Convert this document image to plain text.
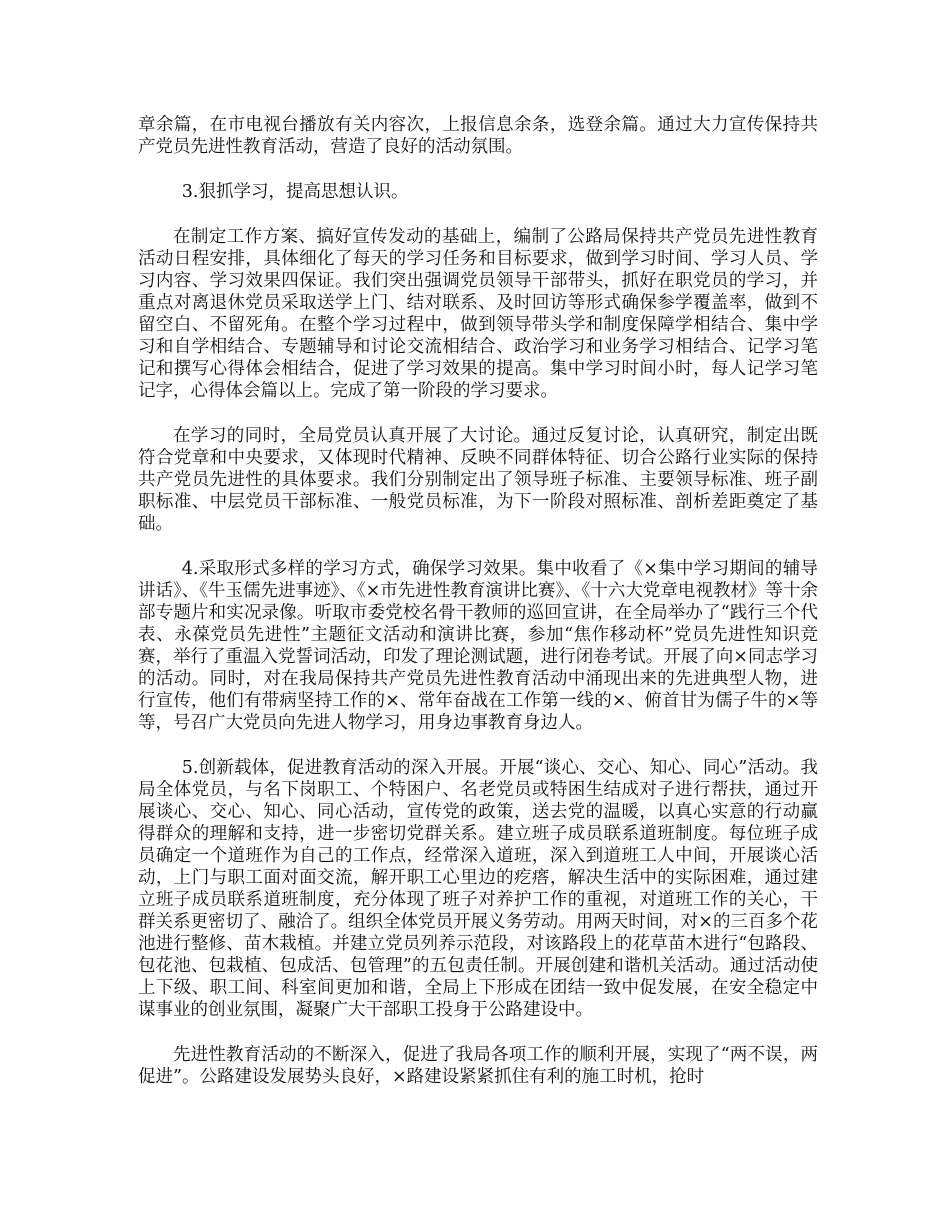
章余篇，在市电视台播放有关内容次，上报信息余条，选登余篇。通过大力宣传保持共产党员先进性教育活动，营造了良好的活动氛围。

3.狠抓学习，提高思想认识。

在制定工作方案、搞好宣传发动的基础上，编制了公路局保持共产党员先进性教育活动日程安排，具体细化了每天的学习任务和目标要求，做到学习时间、学习人员、学习内容、学习效果四保证。我们突出强调党员领导干部带头，抓好在职党员的学习，并重点对离退休党员采取送学上门、结对联系、及时回访等形式确保参学覆盖率，做到不留空白、不留死角。在整个学习过程中，做到领导带头学和制度保障学相结合、集中学习和自学相结合、专题辅导和讨论交流相结合、政治学习和业务学习相结合、记学习笔记和撰写心得体会相结合，促进了学习效果的提高。集中学习时间小时，每人记学习笔记字，心得体会篇以上。完成了第一阶段的学习要求。

在学习的同时，全局党员认真开展了大讨论。通过反复讨论，认真研究，制定出既符合党章和中央要求，又体现时代精神、反映不同群体特征、切合公路行业实际的保持共产党员先进性的具体要求。我们分别制定出了领导班子标准、主要领导标准、班子副职标准、中层党员干部标准、一般党员标准，为下一阶段对照标准、剖析差距奠定了基础。

4.采取形式多样的学习方式，确保学习效果。集中收看了《×集中学习期间的辅导讲话》、《牛玉儒先进事迹》、《×市先进性教育演讲比赛》、《十六大党章电视教材》等十余部专题片和实况录像。听取市委党校名骨干教师的巡回宣讲，在全局举办了“践行三个代表、永葆党员先进性”主题征文活动和演讲比赛，参加“焦作移动杯”党员先进性知识竞赛，举行了重温入党誓词活动，印发了理论测试题，进行闭卷考试。开展了向×同志学习的活动。同时，对在我局保持共产党员先进性教育活动中涌现出来的先进典型人物，进行宣传，他们有带病坚持工作的×、常年奋战在工作第一线的×、俯首甘为儒子牛的×等等，号召广大党员向先进人物学习，用身边事教育身边人。

5.创新载体，促进教育活动的深入开展。开展“谈心、交心、知心、同心”活动。我局全体党员，与名下岗职工、个特困户、名老党员或特困生结成对子进行帮扶，通过开展谈心、交心、知心、同心活动，宣传党的政策，送去党的温暖，以真心实意的行动赢得群众的理解和支持，进一步密切党群关系。建立班子成员联系道班制度。每位班子成员确定一个道班作为自己的工作点，经常深入道班，深入到道班工人中间，开展谈心活动，上门与职工面对面交流，解开职工心里边的疙瘩，解决生活中的实际困难，通过建立班子成员联系道班制度，充分体现了班子对养护工作的重视，对道班工作的关心，干群关系更密切了、融洽了。组织全体党员开展义务劳动。用两天时间，对×的三百多个花池进行整修、苗木栽植。并建立党员列养示范段，对该路段上的花草苗木进行“包路段、包花池、包栽植、包成活、包管理”的五包责任制。开展创建和谐机关活动。通过活动使上下级、职工间、科室间更加和谐，全局上下形成在团结一致中促发展，在安全稳定中谋事业的创业氛围，凝聚广大干部职工投身于公路建设中。

先进性教育活动的不断深入，促进了我局各项工作的顺利开展，实现了“两不误，两促进”。公路建设发展势头良好，×路建设紧紧抓住有利的施工时机，抢时
